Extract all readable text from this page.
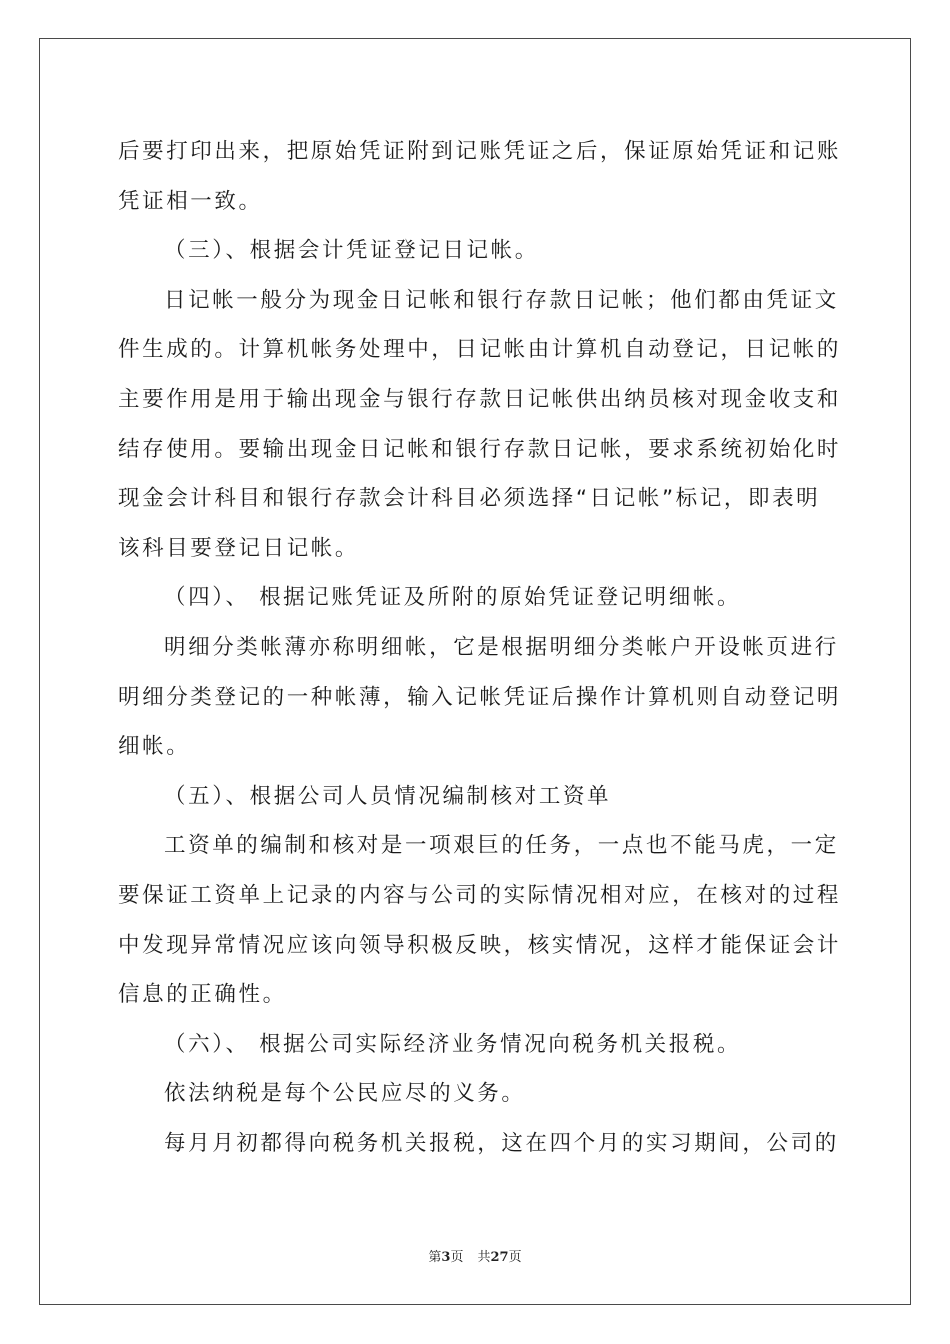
后要打印出来，把原始凭证附到记账凭证之后，保证原始凭证和记账
凭证相一致。
（三）、根据会计凭证登记日记帐。
日记帐一般分为现金日记帐和银行存款日记帐；他们都由凭证文
件生成的。计算机帐务处理中，日记帐由计算机自动登记，日记帐的
主要作用是用于输出现金与银行存款日记帐供出纳员核对现金收支和
结存使用。要输出现金日记帐和银行存款日记帐，要求系统初始化时
现金会计科目和银行存款会计科目必须选择“日记帐”标记，即表明
该科目要登记日记帐。
（四）、 根据记账凭证及所附的原始凭证登记明细帐。
明细分类帐薄亦称明细帐，它是根据明细分类帐户开设帐页进行
明细分类登记的一种帐薄，输入记帐凭证后操作计算机则自动登记明
细帐。
（五）、根据公司人员情况编制核对工资单
工资单的编制和核对是一项艰巨的任务，一点也不能马虎，一定
要保证工资单上记录的内容与公司的实际情况相对应，在核对的过程
中发现异常情况应该向领导积极反映，核实情况，这样才能保证会计
信息的正确性。
（六）、 根据公司实际经济业务情况向税务机关报税。
依法纳税是每个公民应尽的义务。
每月月初都得向税务机关报税，这在四个月的实习期间，公司的
第3页 共27页
